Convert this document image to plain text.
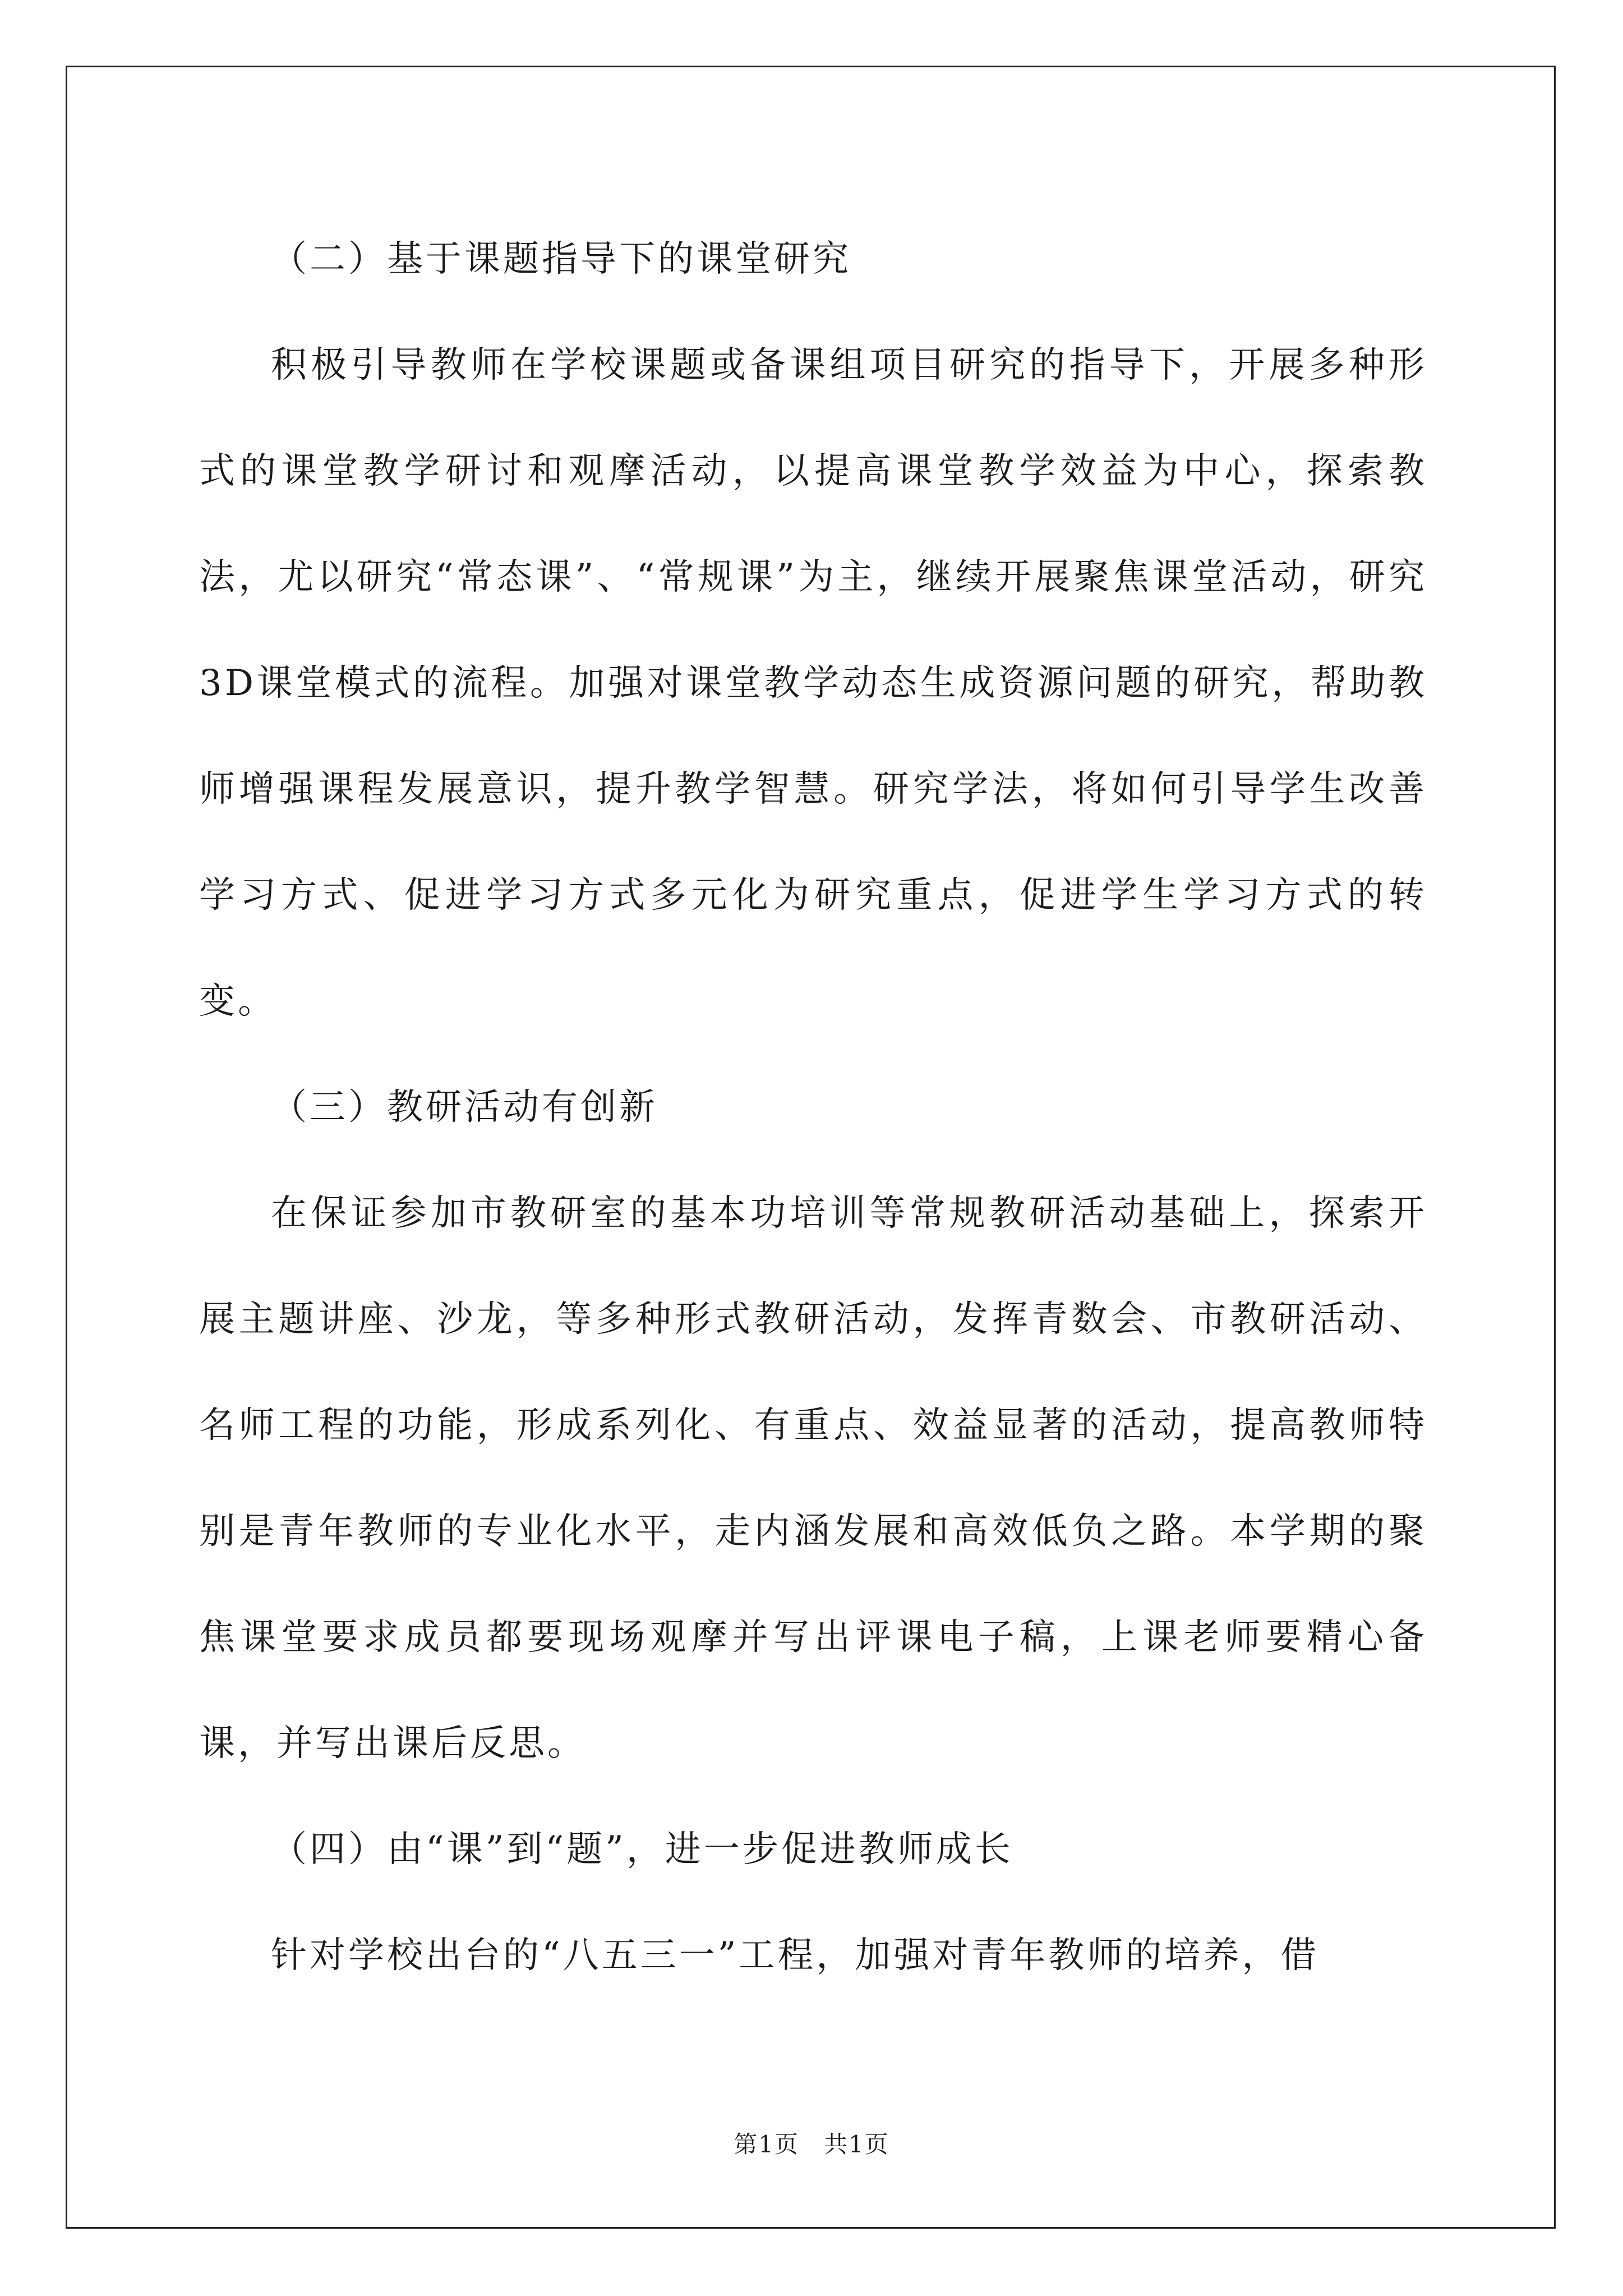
（二）基于课题指导下的课堂研究

积极引导教师在学校课题或备课组项目研究的指导下，开展多种形式的课堂教学研讨和观摩活动，以提高课堂教学效益为中心，探索教法，尤以研究“常态课”、“常规课”为主，继续开展聚焦课堂活动，研究3D课堂模式的流程。加强对课堂教学动态生成资源问题的研究，帮助教师增强课程发展意识，提升教学智慧。研究学法，将如何引导学生改善学习方式、促进学习方式多元化为研究重点，促进学生学习方式的转变。

（三）教研活动有创新

在保证参加市教研室的基本功培训等常规教研活动基础上，探索开展主题讲座、沙龙，等多种形式教研活动，发挥青数会、市教研活动、名师工程的功能，形成系列化、有重点、效益显著的活动，提高教师特别是青年教师的专业化水平，走内涵发展和高效低负之路。本学期的聚焦课堂要求成员都要现场观摩并写出评课电子稿，上课老师要精心备课，并写出课后反思。

（四）由“课”到“题”，进一步促进教师成长

针对学校出台的“八五三一”工程，加强对青年教师的培养，借

第1页　共1页
